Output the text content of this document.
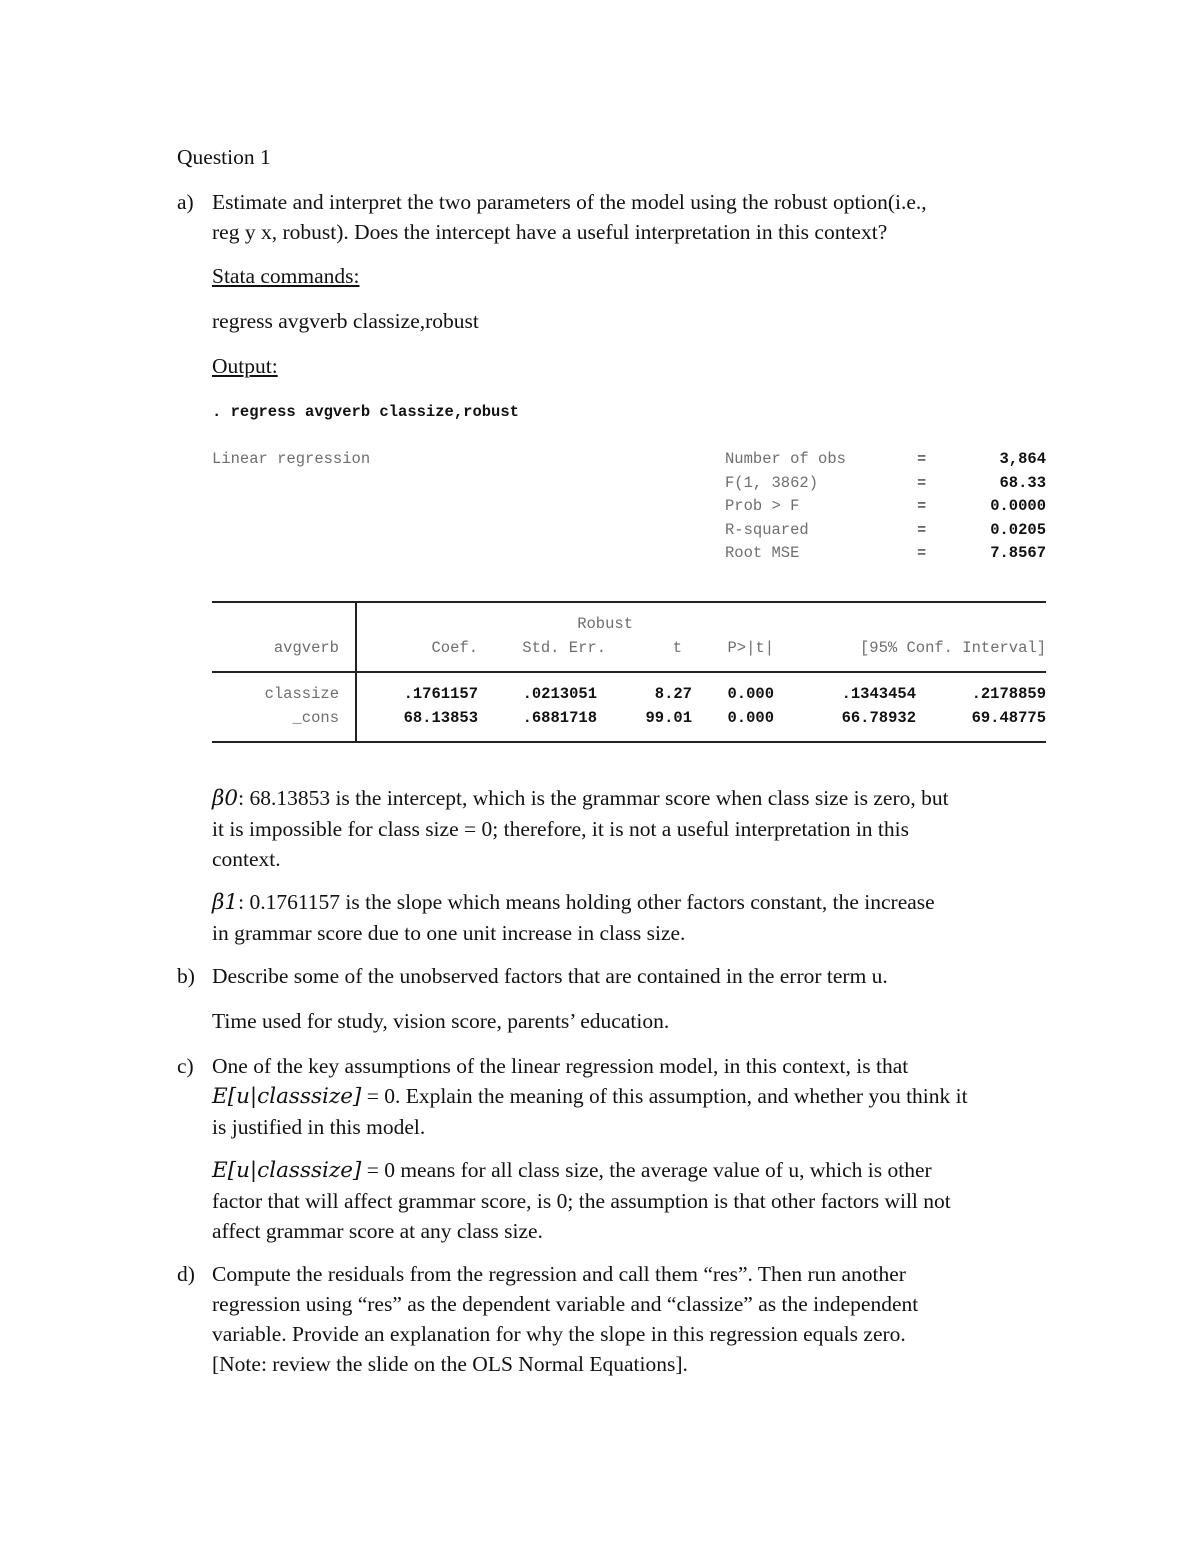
Question 1
a) Estimate and interpret the two parameters of the model using the robust option(i.e.,
reg y x, robust). Does the intercept have a useful interpretation in this context?
Stata commands:
regress avgverb classize,robust
Output:
. regress avgverb classize,robust
Linear regression	Number of obs	=	3,864
F(1, 3862)	=	68.33
Prob > F	=	0.0000
R-squared	=	0.0205
Root MSE	=	7.8567
Robust
avgverb	Coef.	Std. Err.	t	P>|t|	[95% Conf. Interval]
classize	.1761157	.0213051	8.27 0.000	.1343454	.2178859
_cons	68.13853	.6881718	99.01 0.000	66.78932	69.48775
β0: 68.13853 is the intercept, which is the grammar score when class size is zero, but
it is impossible for class size = 0; therefore, it is not a useful interpretation in this
context.
β1: 0.1761157 is the slope which means holding other factors constant, the increase
in grammar score due to one unit increase in class size.
b) Describe some of the unobserved factors that are contained in the error term u.
Time used for study, vision score, parents’ education.
c) One of the key assumptions of the linear regression model, in this context, is that
E[u|classsize] = 0. Explain the meaning of this assumption, and whether you think it
is justified in this model.
E[u|classsize] = 0 means for all class size, the average value of u, which is other
factor that will affect grammar score, is 0; the assumption is that other factors will not
affect grammar score at any class size.
d) Compute the residuals from the regression and call them “res”. Then run another
regression using “res” as the dependent variable and “classize” as the independent
variable. Provide an explanation for why the slope in this regression equals zero.
[Note: review the slide on the OLS Normal Equations].
